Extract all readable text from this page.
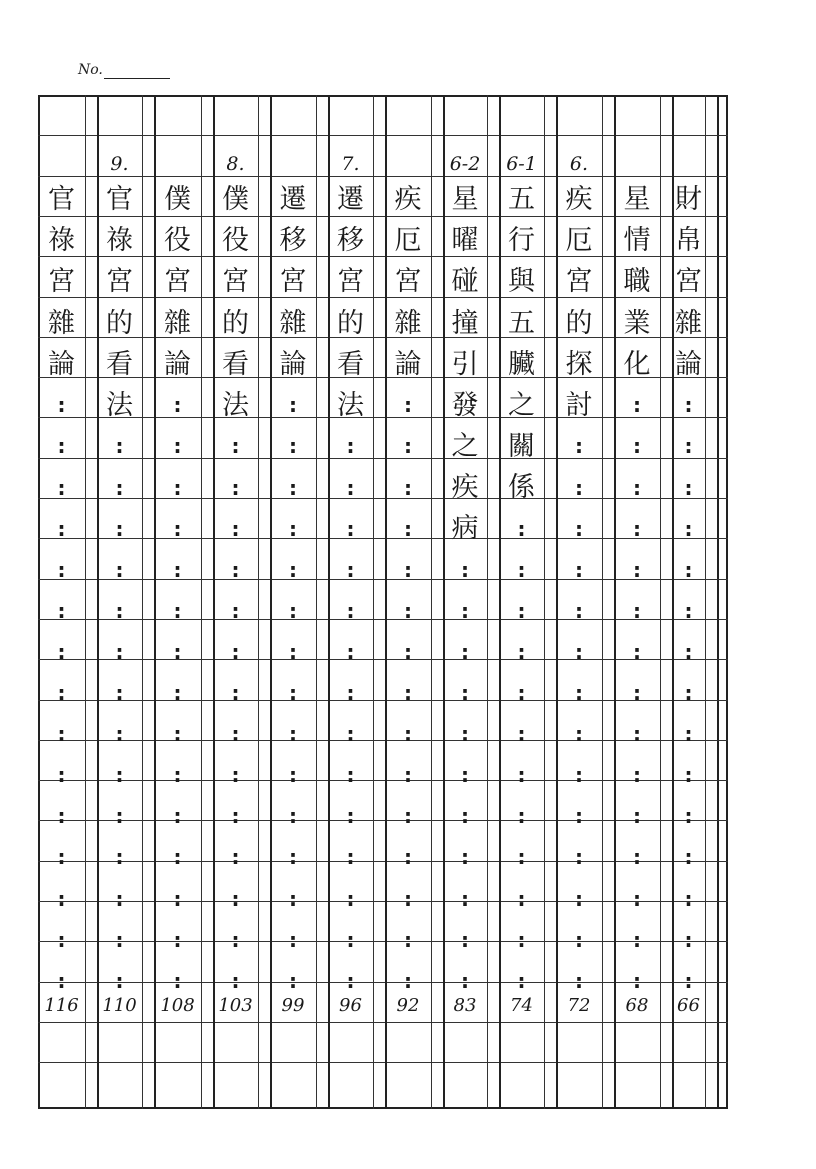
No.
官
祿
宮
雜
論
:
:
:
:
:
:
:
:
:
:
:
:
:
:
:
116
9.
官
祿
宮
的
看
法
:
:
:
:
:
:
:
:
:
:
:
:
:
:
110
僕
役
宮
雜
論
:
:
:
:
:
:
:
:
:
:
:
:
:
:
:
108
8.
僕
役
宮
的
看
法
:
:
:
:
:
:
:
:
:
:
:
:
:
:
103
遷
移
宮
雜
論
:
:
:
:
:
:
:
:
:
:
:
:
:
:
:
99
7.
遷
移
宮
的
看
法
:
:
:
:
:
:
:
:
:
:
:
:
:
:
96
疾
厄
宮
雜
論
:
:
:
:
:
:
:
:
:
:
:
:
:
:
:
92
6-2
星
曜
碰
撞
引
發
之
疾
病
:
:
:
:
:
:
:
:
:
:
:
83
6-1
五
行
與
五
臟
之
關
係
:
:
:
:
:
:
:
:
:
:
:
:
74
6.
疾
厄
宮
的
探
討
:
:
:
:
:
:
:
:
:
:
:
:
:
:
72
星
情
職
業
化
:
:
:
:
:
:
:
:
:
:
:
:
:
:
:
68
財
帛
宮
雜
論
:
:
:
:
:
:
:
:
:
:
:
:
:
:
:
66
